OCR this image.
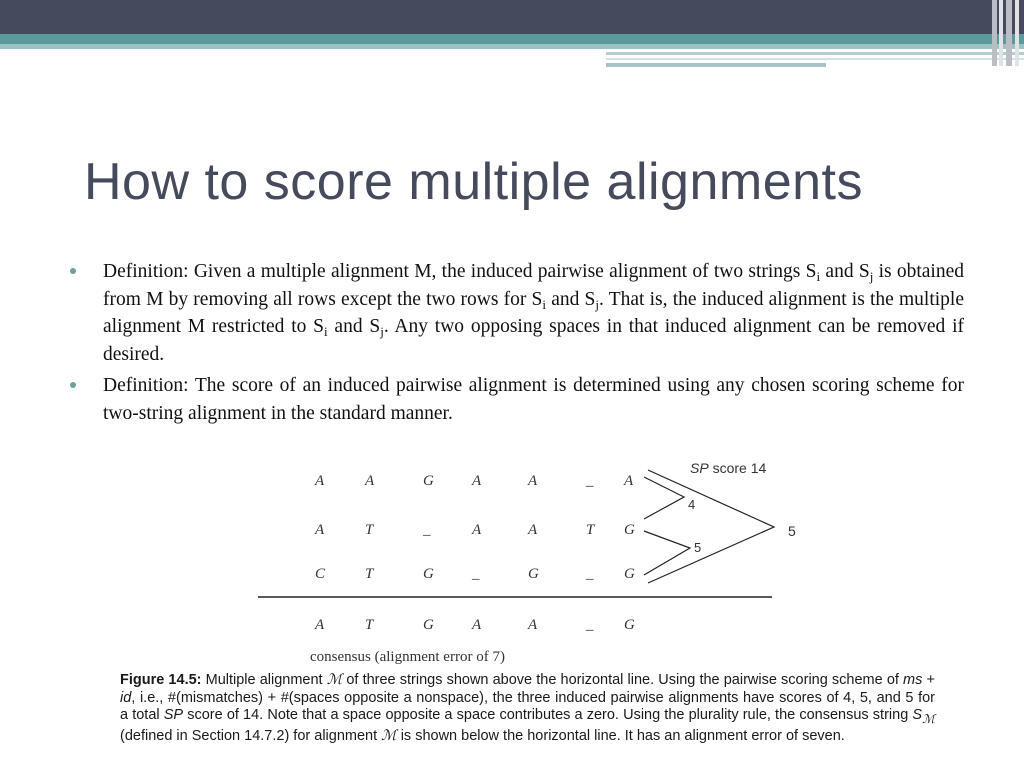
How to score multiple alignments

Definition: Given a multiple alignment M, the induced pairwise alignment of two strings $S_i$ and $S_j$ is obtained from M by removing all rows except the two rows for $S_i$ and $S_j$. That is, the induced alignment is the multiple alignment M restricted to $S_i$ and $S_j$. Any two opposing spaces in that induced alignment can be removed if desired.

Definition: The score of an induced pairwise alignment is determined using any chosen scoring scheme for two-string alignment in the standard manner.

A	A	G	A	A	_ A
A	T	_	A	A	T G
C	T	G	_	G	_ G
A	T	G	A	A	_ G
SP score 14
4
5
5
consensus (alignment error of 7)

Figure 14.5: Multiple alignment ℳ of three strings shown above the horizontal line. Using the pairwise scoring scheme of ms + id, i.e., #(mismatches) + #(spaces opposite a nonspace), the three induced pairwise alignments have scores of 4, 5, and 5 for a total SP score of 14. Note that a space opposite a space contributes a zero. Using the plurality rule, the consensus string $S_ℳ$ (defined in Section 14.7.2) for alignment ℳ is shown below the horizontal line. It has an alignment error of seven.
